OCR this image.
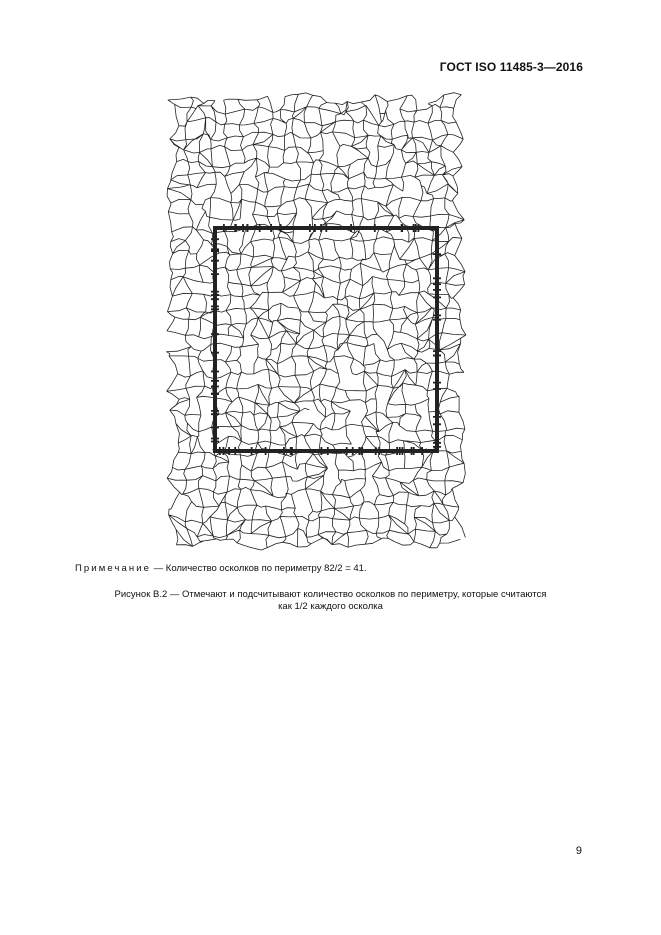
ГОСТ ISO 11485-3—2016
Примечание — Количество осколков по периметру 82/2 = 41.
Рисунок В.2 — Отмечают и подсчитывают количество осколков по периметру, которые считаются
как 1/2 каждого осколка
9
